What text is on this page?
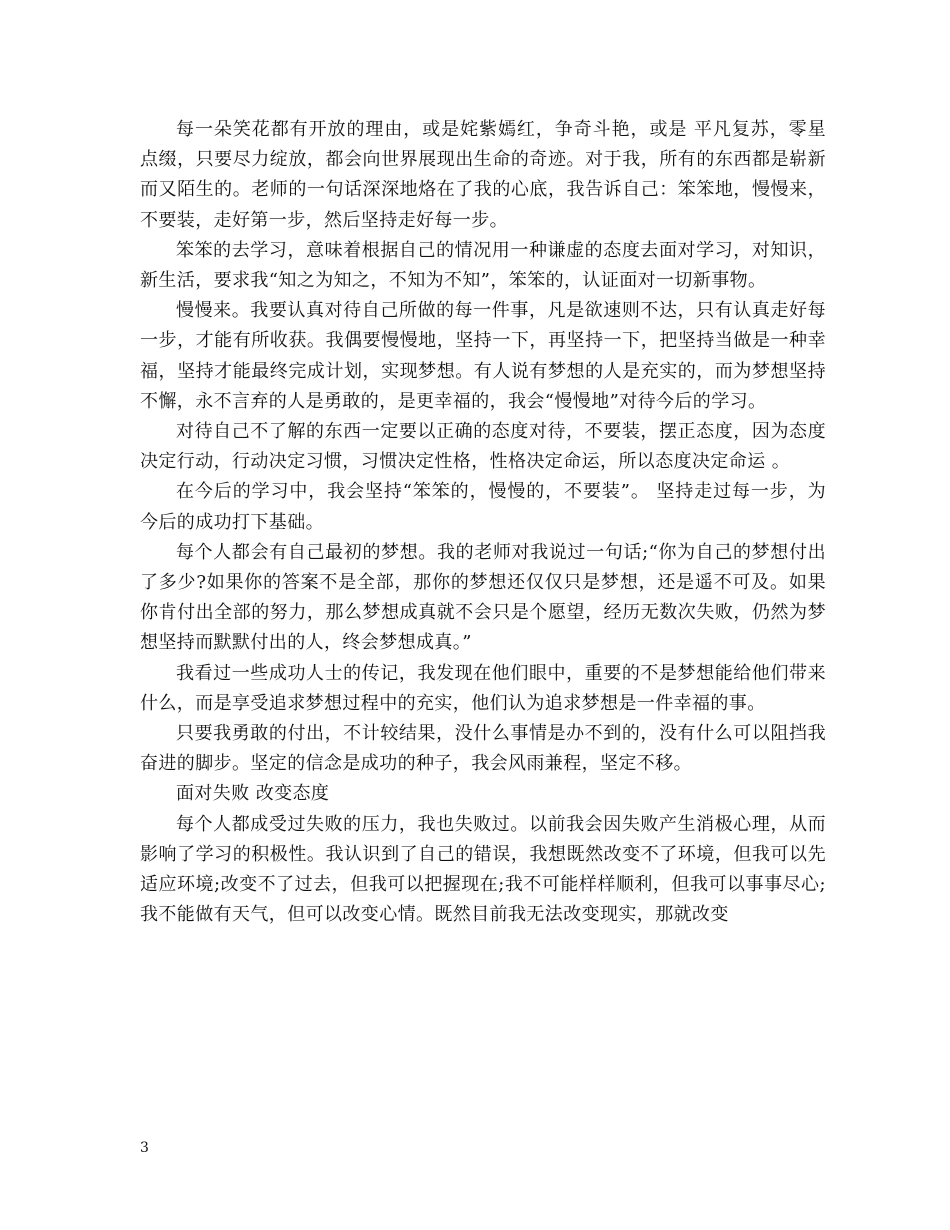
每一朵笑花都有开放的理由，或是姹紫嫣红，争奇斗艳，或是 平凡复苏，零星点缀，只要尽力绽放，都会向世界展现出生命的奇迹。对于我，所有的东西都是崭新而又陌生的。老师的一句话深深地烙在了我的心底，我告诉自己：笨笨地，慢慢来，不要装，走好第一步，然后坚持走好每一步。

笨笨的去学习，意味着根据自己的情况用一种谦虚的态度去面对学习，对知识，新生活，要求我“知之为知之，不知为不知”，笨笨的，认证面对一切新事物。

慢慢来。我要认真对待自己所做的每一件事，凡是欲速则不达，只有认真走好每一步，才能有所收获。我偶要慢慢地，坚持一下，再坚持一下，把坚持当做是一种幸福，坚持才能最终完成计划，实现梦想。有人说有梦想的人是充实的，而为梦想坚持不懈，永不言弃的人是勇敢的，是更幸福的，我会“慢慢地”对待今后的学习。

对待自己不了解的东西一定要以正确的态度对待，不要装，摆正态度，因为态度决定行动，行动决定习惯，习惯决定性格，性格决定命运，所以态度决定命运 。

在今后的学习中，我会坚持“笨笨的，慢慢的，不要装”。 坚持走过每一步，为今后的成功打下基础。

每个人都会有自己最初的梦想。我的老师对我说过一句话;“你为自己的梦想付出了多少?如果你的答案不是全部，那你的梦想还仅仅只是梦想，还是遥不可及。如果你肯付出全部的努力，那么梦想成真就不会只是个愿望，经历无数次失败，仍然为梦想坚持而默默付出的人，终会梦想成真。”

我看过一些成功人士的传记，我发现在他们眼中，重要的不是梦想能给他们带来什么，而是享受追求梦想过程中的充实，他们认为追求梦想是一件幸福的事。

只要我勇敢的付出，不计较结果，没什么事情是办不到的，没有什么可以阻挡我奋进的脚步。坚定的信念是成功的种子，我会风雨兼程，坚定不移。

面对失败 改变态度

每个人都成受过失败的压力，我也失败过。以前我会因失败产生消极心理，从而影响了学习的积极性。我认识到了自己的错误，我想既然改变不了环境，但我可以先适应环境;改变不了过去，但我可以把握现在;我不可能样样顺利，但我可以事事尽心;我不能做有天气，但可以改变心情。既然目前我无法改变现实，那就改变

3
